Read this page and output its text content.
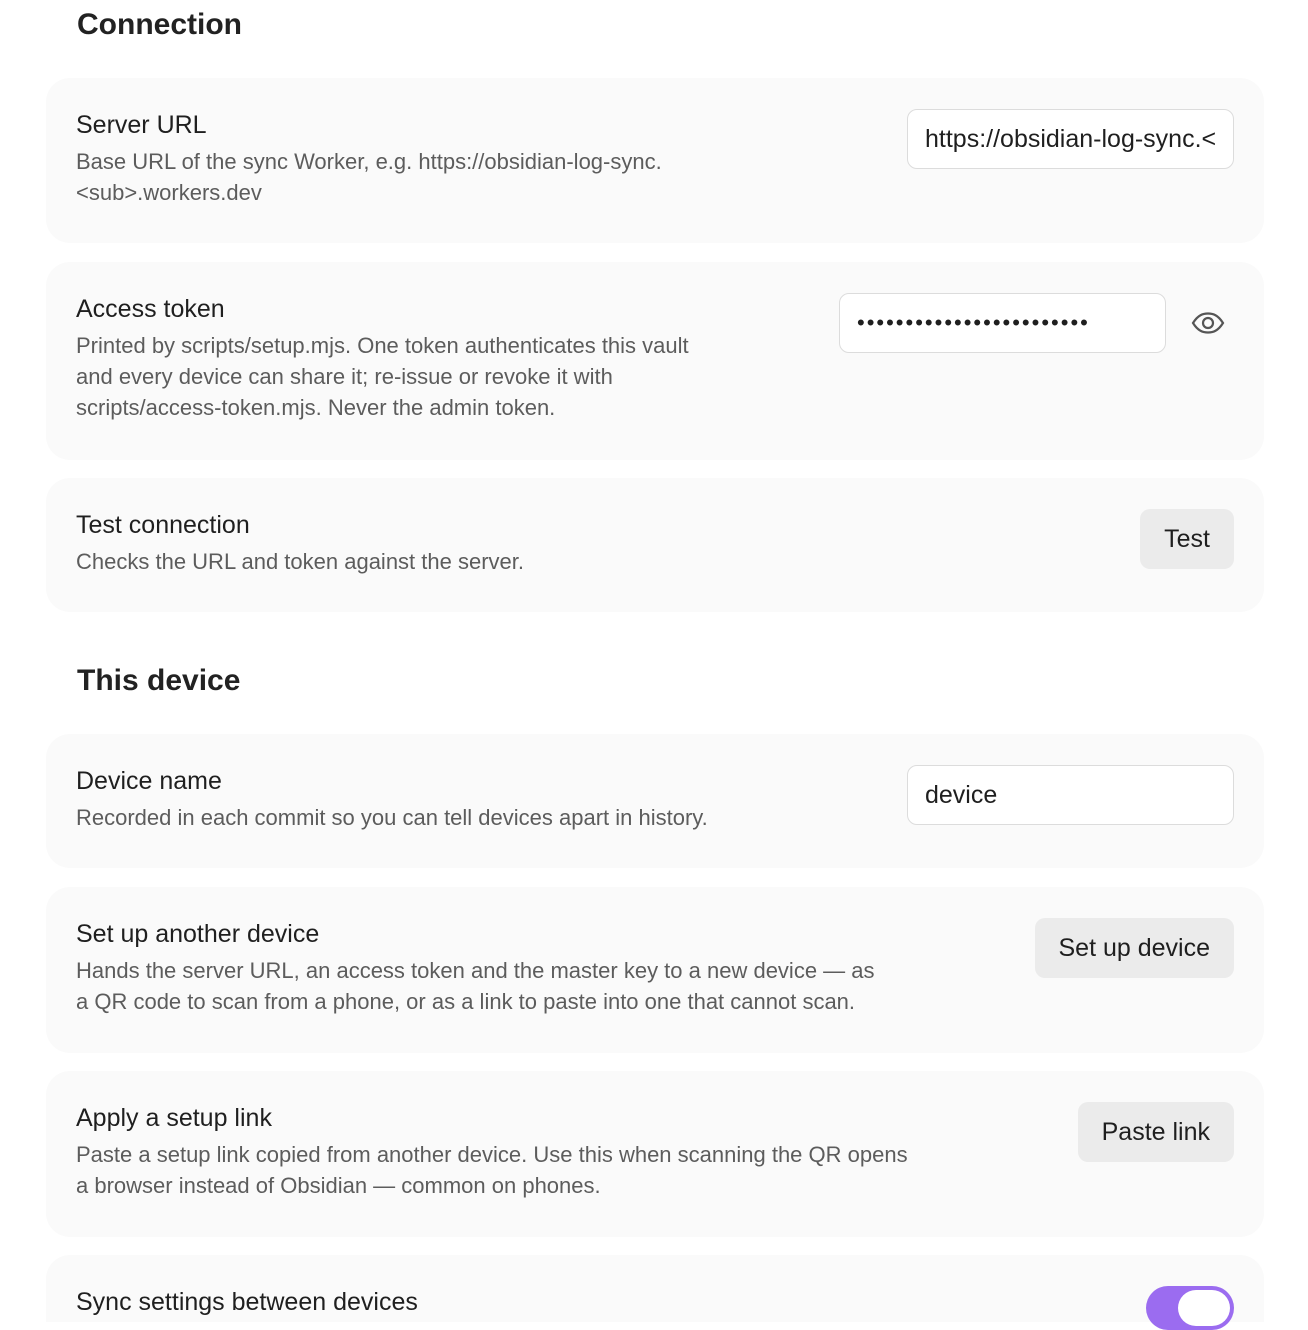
Connection
Server URL
Base URL of the sync Worker, e.g. https://obsidian-log-sync.
<sub>.workers.dev
https://obsidian-log-sync.<sub>.workers.dev
Access token
Printed by scripts/setup.mjs. One token authenticates this vault
and every device can share it; re-issue or revoke it with
scripts/access-token.mjs. Never the admin token.
••••••••••••••••••••••••
Test connection
Checks the URL and token against the server.
Test
This device
Device name
Recorded in each commit so you can tell devices apart in history.
device
Set up another device
Hands the server URL, an access token and the master key to a new device — as
a QR code to scan from a phone, or as a link to paste into one that cannot scan.
Set up device
Apply a setup link
Paste a setup link copied from another device. Use this when scanning the QR opens
a browser instead of Obsidian — common on phones.
Paste link
Sync settings between devices
